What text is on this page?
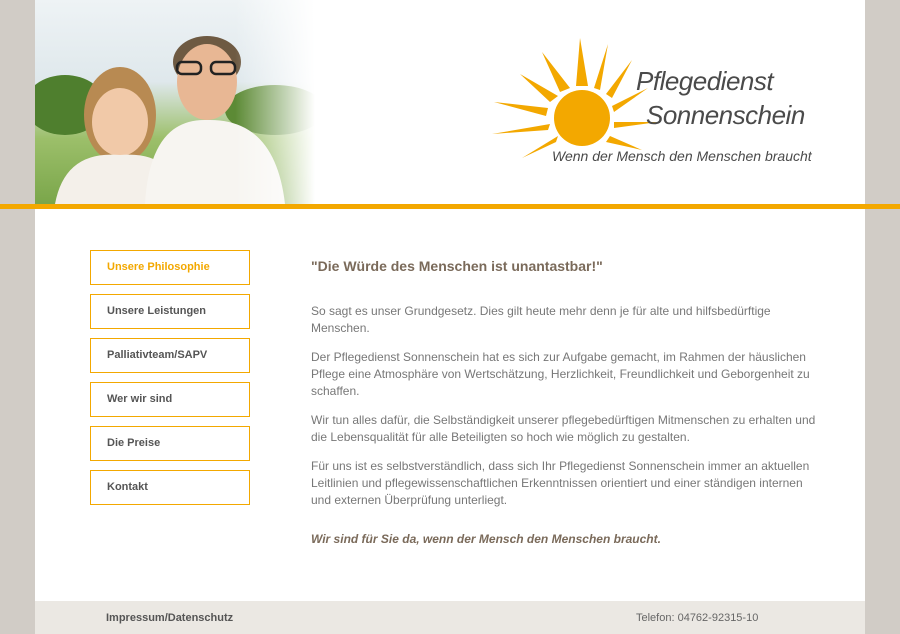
Pflegedienst
Sonnenschein
Wenn der Mensch den Menschen braucht
Unsere Philosophie
Unsere Leistungen
Palliativteam/SAPV
Wer wir sind
Die Preise
Kontakt
"Die Würde des Menschen ist unantastbar!"

So sagt es unser Grundgesetz. Dies gilt heute mehr denn je für alte und hilfsbedürftige Menschen.

Der Pflegedienst Sonnenschein hat es sich zur Aufgabe gemacht, im Rahmen der häuslichen Pflege eine Atmosphäre von Wertschätzung, Herzlichkeit, Freundlichkeit und Geborgenheit zu schaffen.

Wir tun alles dafür, die Selbständigkeit unserer pflegebedürftigen Mitmenschen zu erhalten und die Lebensqualität für alle Beteiligten so hoch wie möglich zu gestalten.

Für uns ist es selbstverständlich, dass sich Ihr Pflegedienst Sonnenschein immer an aktuellen Leitlinien und pflegewissenschaftlichen Erkenntnissen orientiert und einer ständigen internen und externen Überprüfung unterliegt.

Wir sind für Sie da, wenn der Mensch den Menschen braucht.

Impressum/Datenschutz	Telefon: 04762-92315-10
